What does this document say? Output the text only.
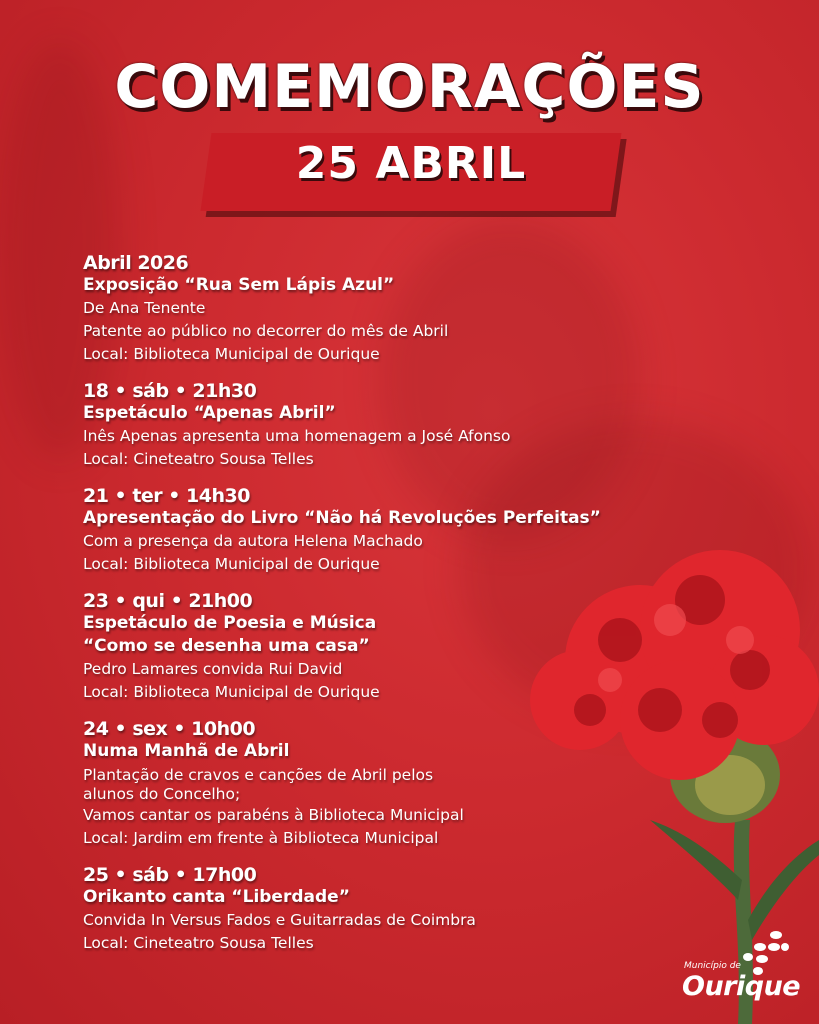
COMEMORAÇÕES
25 ABRIL
Abril 2026
Exposição “Rua Sem Lápis Azul”
De Ana Tenente
Patente ao público no decorrer do mês de Abril
Local: Biblioteca Municipal de Ourique
18 • sáb • 21h30
Espetáculo “Apenas Abril”
Inês Apenas apresenta uma homenagem a José Afonso
Local: Cineteatro Sousa Telles
21 • ter • 14h30
Apresentação do Livro “Não há Revoluções Perfeitas”
Com a presença da autora Helena Machado
Local: Biblioteca Municipal de Ourique
23 • qui • 21h00
Espetáculo de Poesia e Música
“Como se desenha uma casa”
Pedro Lamares convida Rui David
Local: Biblioteca Municipal de Ourique
24 • sex • 10h00
Numa Manhã de Abril
Plantação de cravos e canções de Abril pelos
alunos do Concelho;
Vamos cantar os parabéns à Biblioteca Municipal
Local: Jardim em frente à Biblioteca Municipal
25 • sáb • 17h00
Orikanto canta “Liberdade”
Convida In Versus Fados e Guitarradas de Coimbra
Local: Cineteatro Sousa Telles
Município de
Ourique
